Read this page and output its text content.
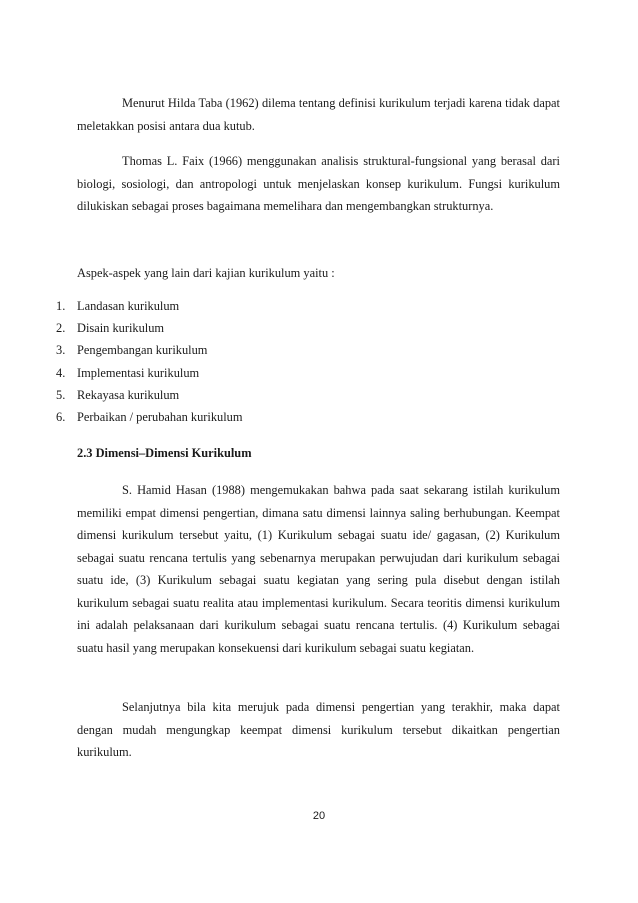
Menurut Hilda Taba (1962) dilema tentang definisi kurikulum terjadi karena tidak dapat meletakkan posisi antara dua kutub.

Thomas L. Faix (1966) menggunakan analisis struktural-fungsional yang berasal dari biologi, sosiologi, dan antropologi untuk menjelaskan konsep kurikulum. Fungsi kurikulum dilukiskan sebagai proses bagaimana memelihara dan mengembangkan strukturnya.

Aspek-aspek yang lain dari kajian kurikulum yaitu :

1. Landasan kurikulum
2. Disain kurikulum
3. Pengembangan kurikulum
4. Implementasi kurikulum
5. Rekayasa kurikulum
6. Perbaikan / perubahan kurikulum
2.3 Dimensi–Dimensi Kurikulum

S. Hamid Hasan (1988) mengemukakan bahwa pada saat sekarang istilah kurikulum memiliki empat dimensi pengertian, dimana satu dimensi lainnya saling berhubungan. Keempat dimensi kurikulum tersebut yaitu, (1) Kurikulum sebagai suatu ide/ gagasan, (2) Kurikulum sebagai suatu rencana tertulis yang sebenarnya merupakan perwujudan dari kurikulum sebagai suatu ide, (3) Kurikulum sebagai suatu kegiatan yang sering pula disebut dengan istilah kurikulum sebagai suatu realita atau implementasi kurikulum. Secara teoritis dimensi kurikulum ini adalah pelaksanaan dari kurikulum sebagai suatu rencana tertulis. (4) Kurikulum sebagai suatu hasil yang merupakan konsekuensi dari kurikulum sebagai suatu kegiatan.

Selanjutnya bila kita merujuk pada dimensi pengertian yang terakhir, maka dapat dengan mudah mengungkap keempat dimensi kurikulum tersebut dikaitkan pengertian kurikulum.

20
